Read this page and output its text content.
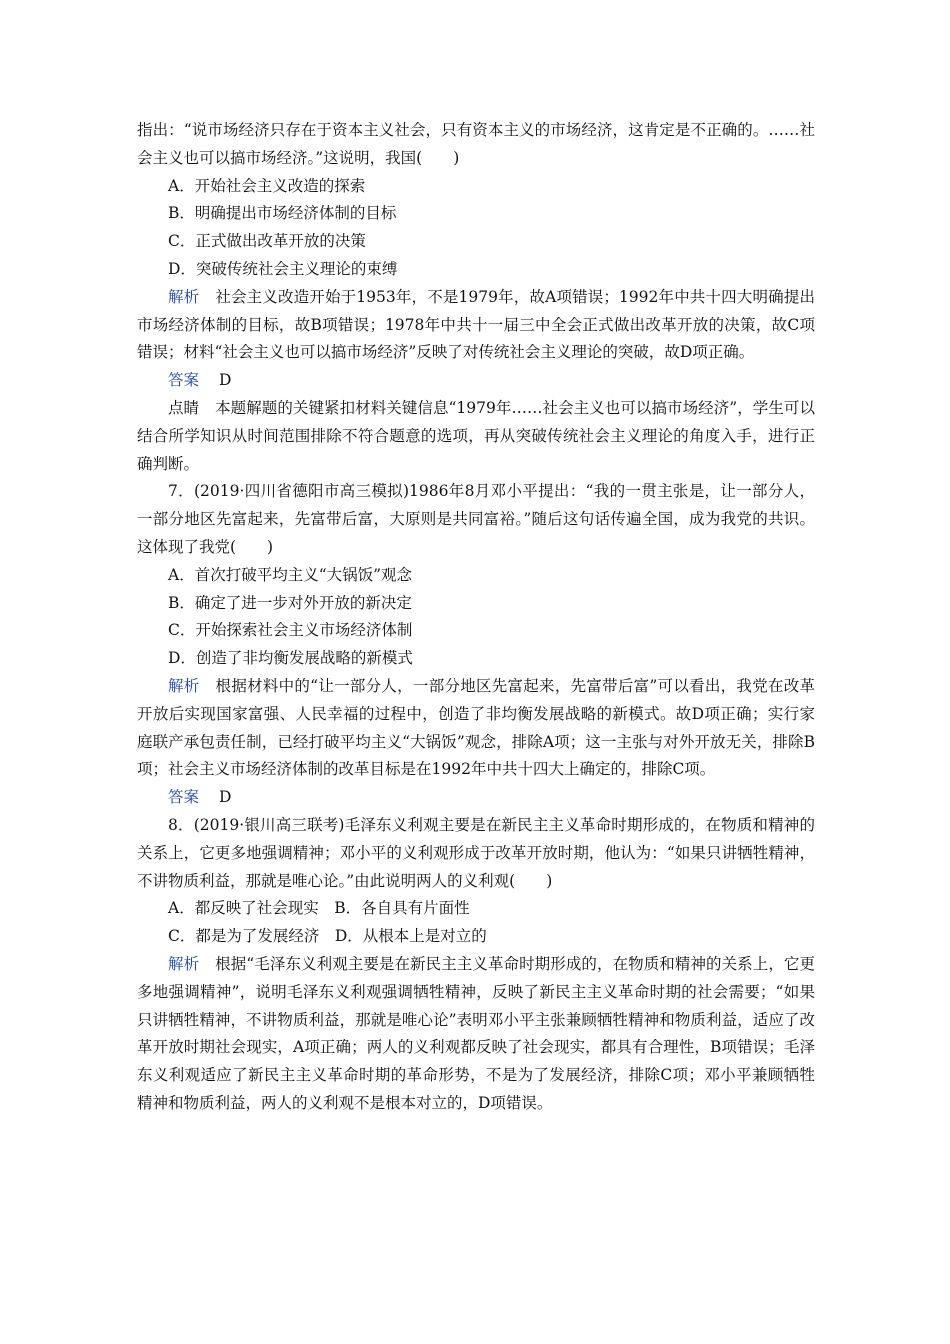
指出：“说市场经济只存在于资本主义社会，只有资本主义的市场经济，这肯定是不正确的。……社会主义也可以搞市场经济。”这说明，我国(　　)

A．开始社会主义改造的探索

B．明确提出市场经济体制的目标

C．正式做出改革开放的决策

D．突破传统社会主义理论的束缚

解析 社会主义改造开始于1953年，不是1979年，故A项错误；1992年中共十四大明确提出市场经济体制的目标，故B项错误；1978年中共十一届三中全会正式做出改革开放的决策，故C项错误；材料“社会主义也可以搞市场经济”反映了对传统社会主义理论的突破，故D项正确。

答案 D

点睛 本题解题的关键紧扣材料关键信息“1979年……社会主义也可以搞市场经济”，学生可以结合所学知识从时间范围排除不符合题意的选项，再从突破传统社会主义理论的角度入手，进行正确判断。

7．(2019·四川省德阳市高三模拟)1986年8月邓小平提出：“我的一贯主张是，让一部分人，一部分地区先富起来，先富带后富，大原则是共同富裕。”随后这句话传遍全国，成为我党的共识。这体现了我党(　　)

A．首次打破平均主义“大锅饭”观念

B．确定了进一步对外开放的新决定

C．开始探索社会主义市场经济体制

D．创造了非均衡发展战略的新模式

解析 根据材料中的“让一部分人，一部分地区先富起来，先富带后富”可以看出，我党在改革开放后实现国家富强、人民幸福的过程中，创造了非均衡发展战略的新模式。故D项正确；实行家庭联产承包责任制，已经打破平均主义“大锅饭”观念，排除A项；这一主张与对外开放无关，排除B项；社会主义市场经济体制的改革目标是在1992年中共十四大上确定的，排除C项。

答案 D

8．(2019·银川高三联考)毛泽东义利观主要是在新民主主义革命时期形成的，在物质和精神的关系上，它更多地强调精神；邓小平的义利观形成于改革开放时期，他认为：“如果只讲牺牲精神，不讲物质利益，那就是唯心论。”由此说明两人的义利观(　　)

A．都反映了社会现实　B．各自具有片面性

C．都是为了发展经济　D．从根本上是对立的

解析 根据“毛泽东义利观主要是在新民主主义革命时期形成的，在物质和精神的关系上，它更多地强调精神”，说明毛泽东义利观强调牺牲精神，反映了新民主主义革命时期的社会需要；“如果只讲牺牲精神，不讲物质利益，那就是唯心论”表明邓小平主张兼顾牺牲精神和物质利益，适应了改革开放时期社会现实，A项正确；两人的义利观都反映了社会现实，都具有合理性，B项错误；毛泽东义利观适应了新民主主义革命时期的革命形势，不是为了发展经济，排除C项；邓小平兼顾牺牲精神和物质利益，两人的义利观不是根本对立的，D项错误。
